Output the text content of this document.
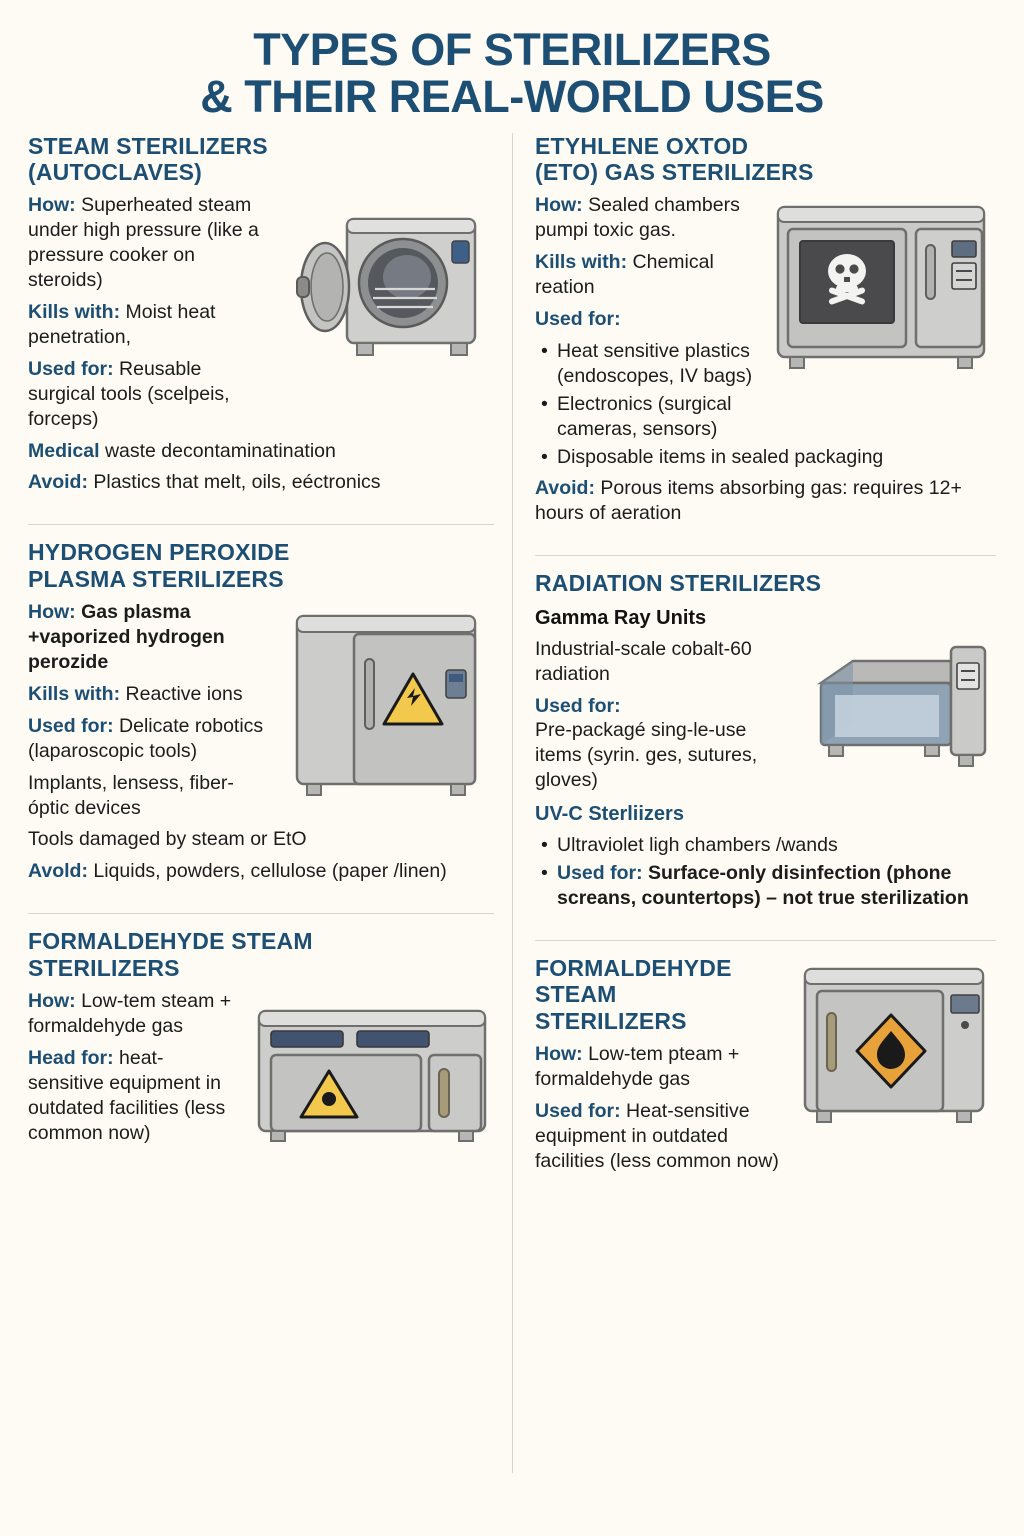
TYPES OF STERILIZERS
& THEIR REAL-WORLD USES
STEAM STERILIZERS
(AUTOCLAVES)

How: Superheated steam under high pressure (like a pressure cooker on steroids)

Kills with: Moist heat penetration,

Used for: Reusable surgical tools (scelpeis, forceps)

Medical waste decontaminatination

Avoid: Plastics that melt, oils, eéctronics

HYDROGEN PEROXIDE
PLASMA STERILIZERS

How: Gas plasma +vaporized hydrogen perozide

Kills with: Reactive ions

Used for: Delicate robotics (laparoscopic tools)

Implants, lensess, fiber-óptic devices

Tools damaged by steam or EtO

Avold: Liquids, powders, cellulose (paper /linen)

FORMALDEHYDE STEAM
STERILIZERS

How: Low-tem steam + formaldehyde gas

Head for: heat-sensitive equipment in outdated facilities (less common now)

ETYHLENE OXTOD
(ETO) GAS STERILIZERS

How: Sealed chambers pumpi toxic gas.

Kills with: Chemical reation

Used for:

• Heat sensitive plastics (endoscopes, IV bags)
• Electronics (surgical cameras, sensors)
• Disposable items in sealed packaging

Avoid: Porous items absorbing gas: requires 12+ hours of aeration

RADIATION STERILIZERS
Gamma Ray Units

Industrial-scale cobalt-60 radiation

Used for:
Pre-packagé sing-le-use items (syrin. ges, sutures, gloves)

UV-C Sterliizers
• Ultraviolet ligh chambers /wands
• Used for: Surface-only disinfection (phone screans, countertops) – not true sterilization
FORMALDEHYDE
STEAM
STERILIZERS

How: Low-tem pteam + formaldehyde gas

Used for: Heat-sensitive equipment in outdated facilities (less common now)
